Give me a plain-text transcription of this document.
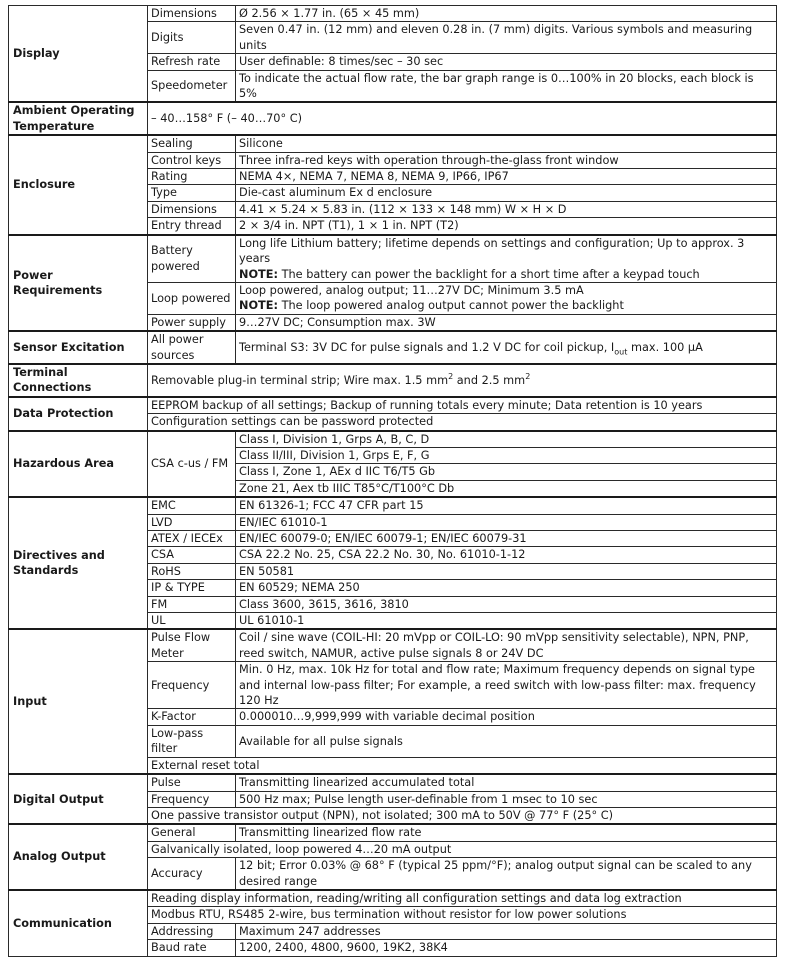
Display	Dimensions	Ø 2.56 × 1.77 in. (65 × 45 mm)
	Digits	Seven 0.47 in. (12 mm) and eleven 0.28 in. (7 mm) digits. Various symbols and measuring units
	Refresh rate	User definable: 8 times/sec – 30 sec
	Speedometer	To indicate the actual flow rate, the bar graph range is 0…100% in 20 blocks, each block is 5%
Ambient Operating Temperature	– 40…158° F (– 40…70° C)	
Enclosure	Sealing	Silicone
	Control keys	Three infra-red keys with operation through-the-glass front window
	Rating	NEMA 4×, NEMA 7, NEMA 8, NEMA 9, IP66, IP67
	Type	Die-cast aluminum Ex d enclosure
	Dimensions	4.41 × 5.24 × 5.83 in. (112 × 133 × 148 mm) W × H × D
	Entry thread	2 × 3/4 in. NPT (T1), 1 × 1 in. NPT (T2)
Power Requirements	Battery powered	Long life Lithium battery; lifetime depends on settings and configuration; Up to approx. 3 years
NOTE: The battery can power the backlight for a short time after a keypad touch
	Loop powered	Loop powered, analog output; 11…27V DC; Minimum 3.5 mA
NOTE: The loop powered analog output cannot power the backlight
	Power supply	9…27V DC; Consumption max. 3W
Sensor Excitation	All power sources	Terminal S3: 3V DC for pulse signals and 1.2 V DC for coil pickup, $I_{out}$ max. 100 µA
Terminal Connections	Removable plug-in terminal strip; Wire max. 1.5 $mm^2$ and 2.5 $mm^2$
Data Protection	EEPROM backup of all settings; Backup of running totals every minute; Data retention is 10 years	
	Configuration settings can be password protected	
Hazardous Area	CSA c-us / FM	Class I, Division 1, Grps A, B, C, D
		Class II/III, Division 1, Grps E, F, G
		Class I, Zone 1, AEx d IIC T6/T5 Gb
		Zone 21, Aex tb IIIC T85°C/T100°C Db
Directives and Standards	EMC	EN 61326-1; FCC 47 CFR part 15
	LVD	EN/IEC 61010-1
	ATEX / IECEx	EN/IEC 60079-0; EN/IEC 60079-1; EN/IEC 60079-31
	CSA	CSA 22.2 No. 25, CSA 22.2 No. 30, No. 61010-1-12
	RoHS	EN 50581
	IP & TYPE	EN 60529; NEMA 250
	FM	Class 3600, 3615, 3616, 3810
	UL	UL 61010-1
Input	Pulse Flow Meter	Coil / sine wave (COIL-HI: 20 mVpp or COIL-LO: 90 mVpp sensitivity selectable), NPN, PNP, reed switch, NAMUR, active pulse signals 8 or 24V DC
	Frequency	Min. 0 Hz, max. 10k Hz for total and flow rate; Maximum frequency depends on signal type and internal low-pass filter; For example, a reed switch with low-pass filter: max. frequency 120 Hz
	K-Factor	0.000010…9,999,999 with variable decimal position
	Low-pass filter	Available for all pulse signals
	External reset total	
Digital Output	Pulse	Transmitting linearized accumulated total
	Frequency	500 Hz max; Pulse length user-definable from 1 msec to 10 sec
	One passive transistor output (NPN), not isolated; 300 mA to 50V @ 77° F (25° C)	
Analog Output	General	Transmitting linearized flow rate
	Galvanically isolated, loop powered 4…20 mA output	
	Accuracy	12 bit; Error 0.03% @ 68° F (typical 25 ppm/°F); analog output signal can be scaled to any desired range
Communication	Reading display information, reading/writing all configuration settings and data log extraction	
	Modbus RTU, RS485 2-wire, bus termination without resistor for low power solutions	
	Addressing	Maximum 247 addresses
	Baud rate	1200, 2400, 4800, 9600, 19K2, 38K4
